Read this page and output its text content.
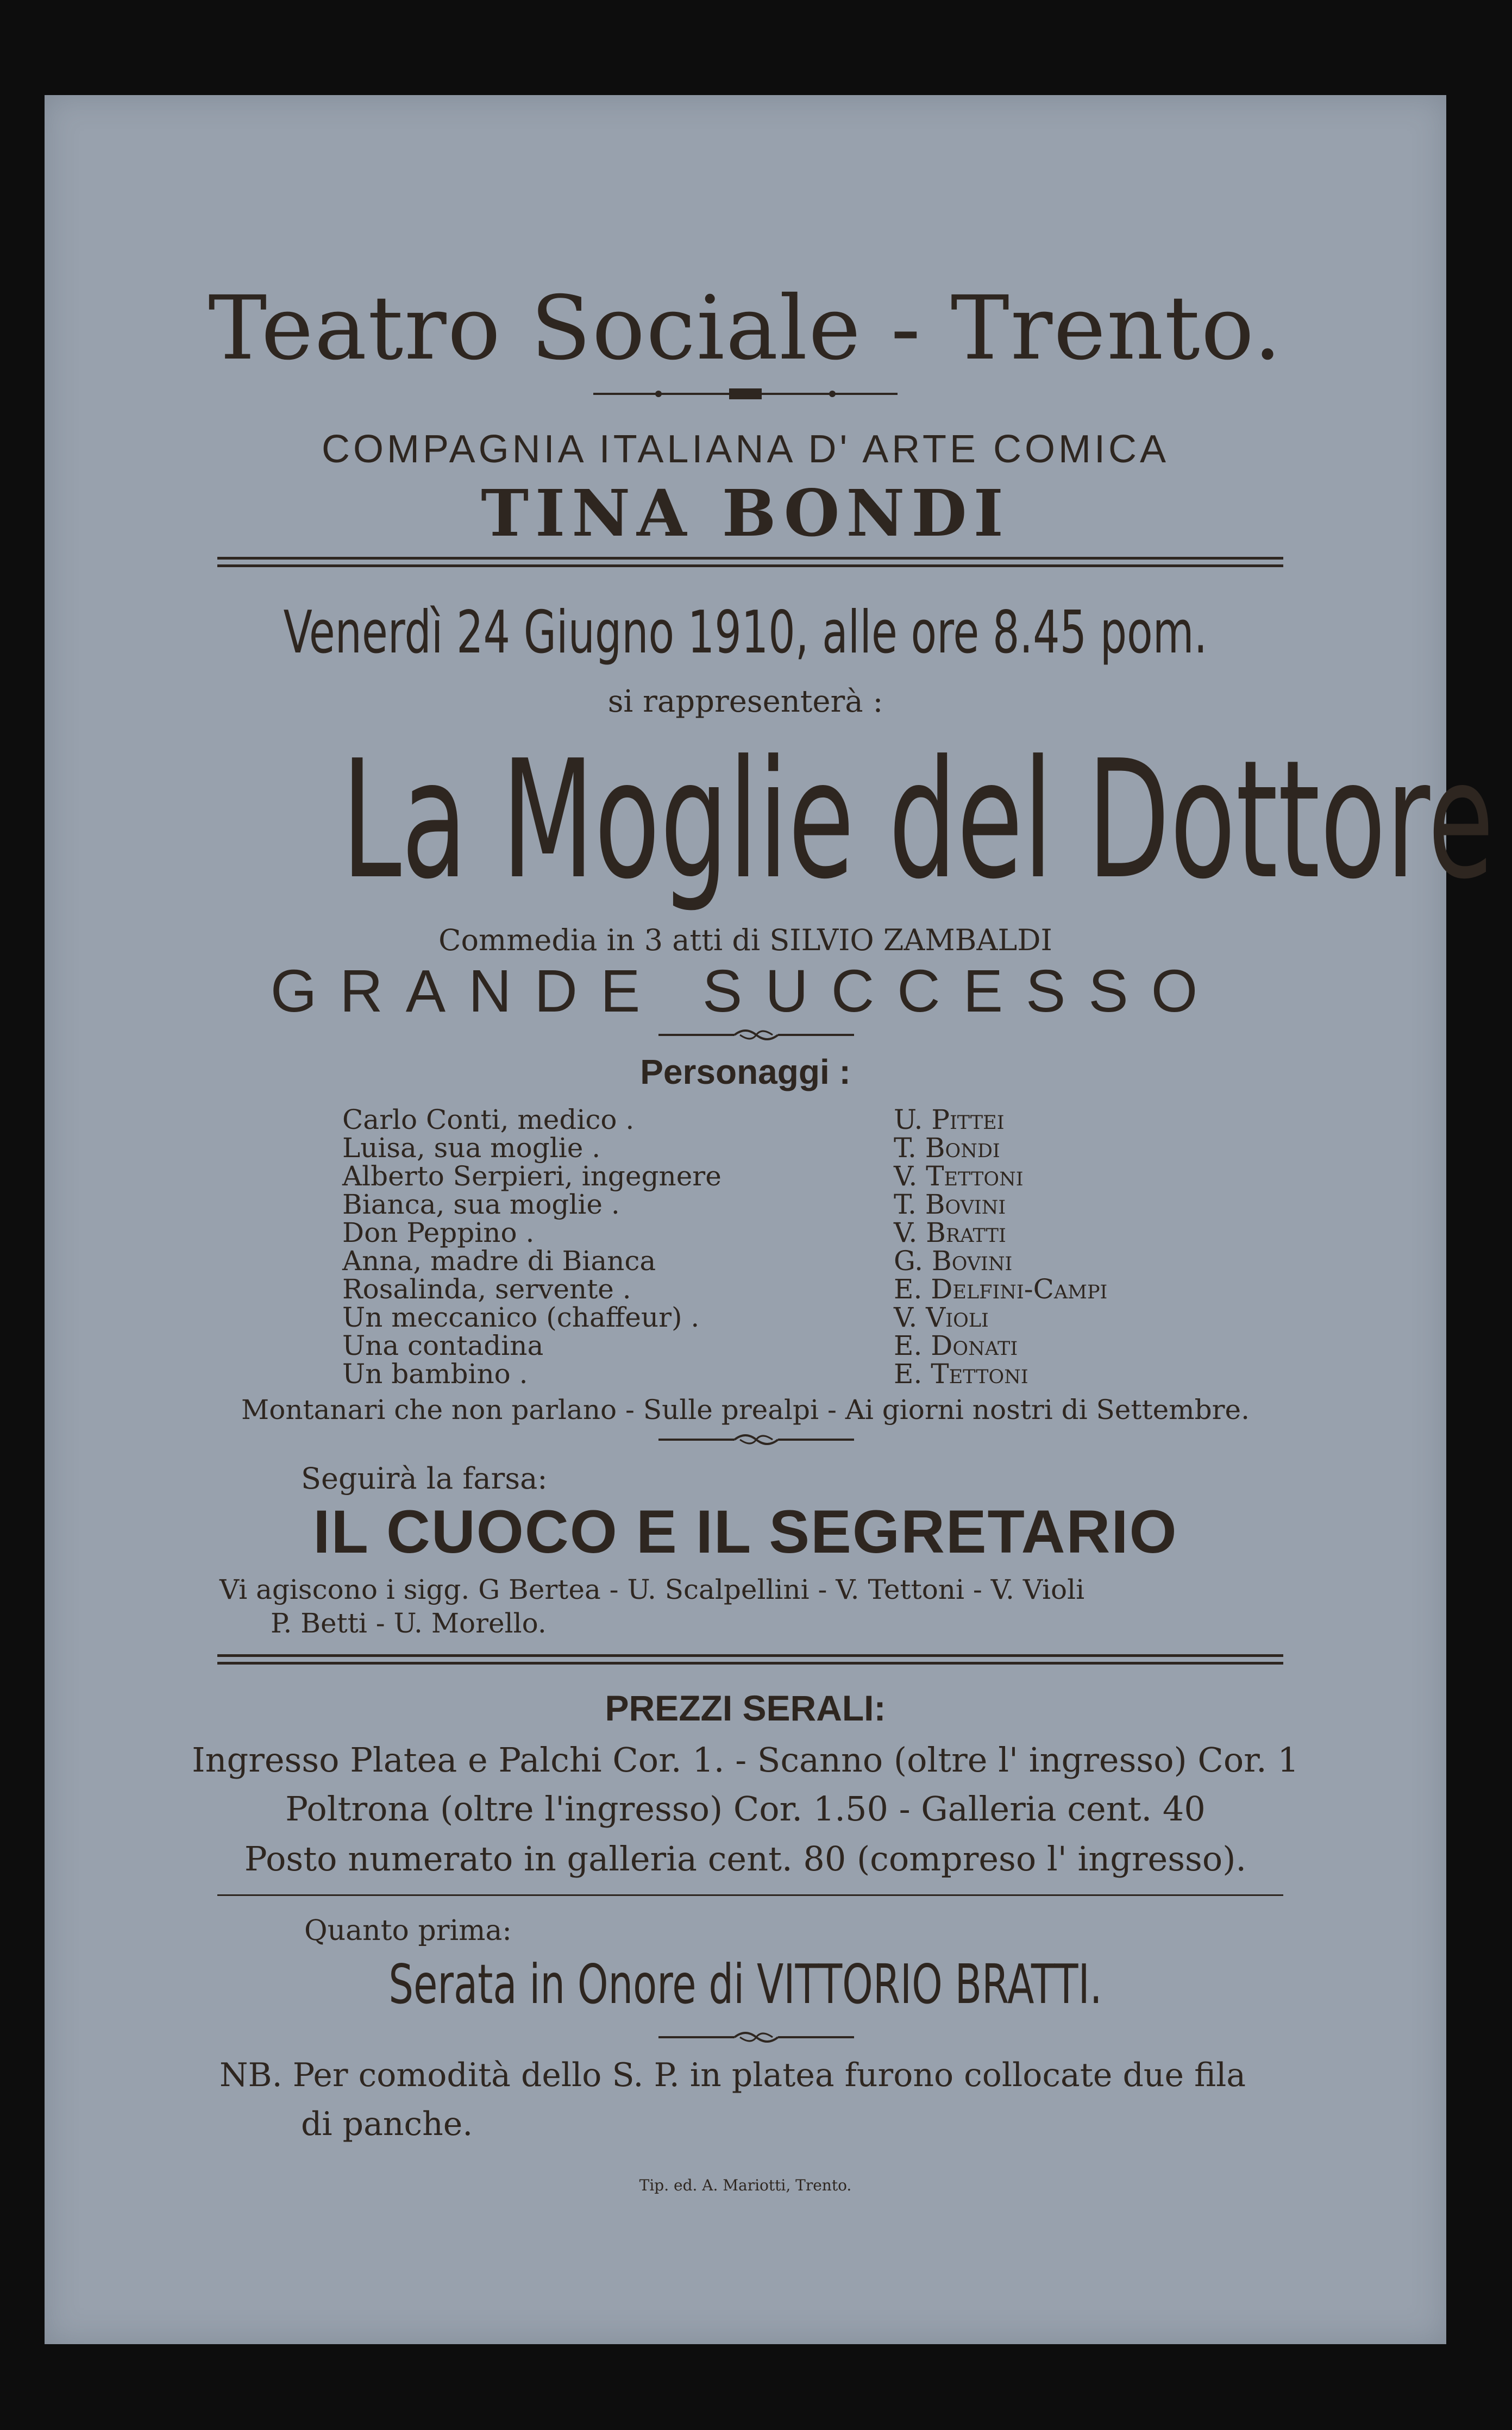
Teatro Sociale - Trento.
COMPAGNIA ITALIANA D' ARTE COMICA
TINA BONDI
Venerdì 24 Giugno 1910, alle ore 8.45 pom.
si rappresenterà :
La Moglie del Dottore
Commedia in 3 atti di SILVIO ZAMBALDI
GRANDE SUCCESSO
Personaggi :
Carlo Conti, medico .	U. Pittei
Luisa, sua moglie .	T. Bondi
Alberto Serpieri, ingegnere	V. Tettoni
Bianca, sua moglie .	T. Bovini
Don Peppino .	V. Bratti
Anna, madre di Bianca	G. Bovini
Rosalinda, servente .	E. Delfini-Campi
Un meccanico (chaffeur) .	V. Violi
Una contadina	E. Donati
Un bambino .	E. Tettoni
Montanari che non parlano - Sulle prealpi - Ai giorni nostri di Settembre.
Seguirà la farsa:
IL CUOCO E IL SEGRETARIO
Vi agiscono i sigg. G Bertea - U. Scalpellini - V. Tettoni - V. Violi
P. Betti - U. Morello.
PREZZI SERALI:
Ingresso Platea e Palchi Cor. 1. - Scanno (oltre l' ingresso) Cor. 1
Poltrona (oltre l'ingresso) Cor. 1.50 - Galleria cent. 40
Posto numerato in galleria cent. 80 (compreso l' ingresso).
Quanto prima:
Serata in Onore di VITTORIO BRATTI.
NB. Per comodità dello S. P. in platea furono collocate due fila
di panche.
Tip. ed. A. Mariotti, Trento.
